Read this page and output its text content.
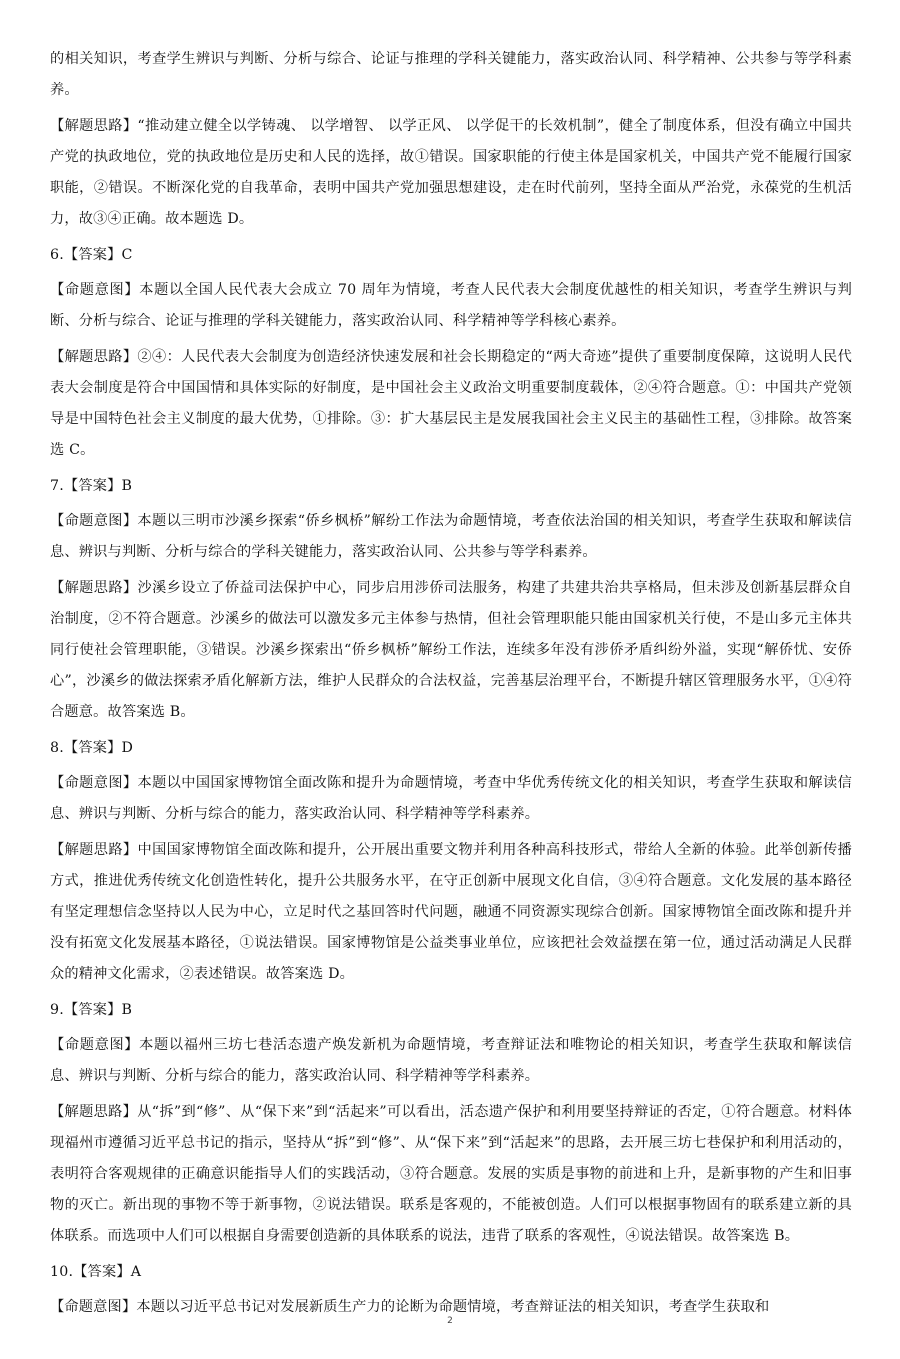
的相关知识，考查学生辨识与判断、分析与综合、论证与推理的学科关键能力，落实政治认同、科学精神、公共参与等学科素养。

【解题思路】“推动建立健全以学铸魂、 以学增智、 以学正风、 以学促干的长效机制”，健全了制度体系，但没有确立中国共产党的执政地位，党的执政地位是历史和人民的选择，故①错误。国家职能的行使主体是国家机关，中国共产党不能履行国家职能，②错误。不断深化党的自我革命，表明中国共产党加强思想建设，走在时代前列，坚持全面从严治党，永葆党的生机活力，故③④正确。故本题选 D。

6.【答案】C

【命题意图】本题以全国人民代表大会成立 70 周年为情境，考查人民代表大会制度优越性的相关知识，考查学生辨识与判断、分析与综合、论证与推理的学科关键能力，落实政治认同、科学精神等学科核心素养。

【解题思路】②④：人民代表大会制度为创造经济快速发展和社会长期稳定的“两大奇迹”提供了重要制度保障，这说明人民代表大会制度是符合中国国情和具体实际的好制度，是中国社会主义政治文明重要制度载体，②④符合题意。①：中国共产党领导是中国特色社会主义制度的最大优势，①排除。③：扩大基层民主是发展我国社会主义民主的基础性工程，③排除。故答案选 C。

7.【答案】B

【命题意图】本题以三明市沙溪乡探索“侨乡枫桥”解纷工作法为命题情境，考查依法治国的相关知识，考查学生获取和解读信息、辨识与判断、分析与综合的学科关键能力，落实政治认同、公共参与等学科素养。

【解题思路】沙溪乡设立了侨益司法保护中心，同步启用涉侨司法服务，构建了共建共治共享格局，但未涉及创新基层群众自治制度，②不符合题意。沙溪乡的做法可以激发多元主体参与热情，但社会管理职能只能由国家机关行使，不是山多元主体共同行使社会管理职能，③错误。沙溪乡探索出“侨乡枫桥”解纷工作法，连续多年没有涉侨矛盾纠纷外溢，实现“解侨忧、安侨心”，沙溪乡的做法探索矛盾化解新方法，维护人民群众的合法权益，完善基层治理平台，不断提升辖区管理服务水平，①④符合题意。故答案选 B。

8.【答案】D

【命题意图】本题以中国国家博物馆全面改陈和提升为命题情境，考查中华优秀传统文化的相关知识，考查学生获取和解读信息、辨识与判断、分析与综合的能力，落实政治认同、科学精神等学科素养。

【解题思路】中国国家博物馆全面改陈和提升，公开展出重要文物并利用各种高科技形式，带给人全新的体验。此举创新传播方式，推进优秀传统文化创造性转化，提升公共服务水平，在守正创新中展现文化自信，③④符合题意。文化发展的基本路径有坚定理想信念坚持以人民为中心，立足时代之基回答时代问题，融通不同资源实现综合创新。国家博物馆全面改陈和提升并没有拓宽文化发展基本路径，①说法错误。国家博物馆是公益类事业单位，应该把社会效益摆在第一位，通过活动满足人民群众的精神文化需求，②表述错误。故答案选 D。

9.【答案】B

【命题意图】本题以福州三坊七巷活态遗产焕发新机为命题情境，考查辩证法和唯物论的相关知识，考查学生获取和解读信息、辨识与判断、分析与综合的能力，落实政治认同、科学精神等学科素养。

【解题思路】从“拆”到“修”、从“保下来”到“活起来”可以看出，活态遗产保护和利用要坚持辩证的否定，①符合题意。材料体现福州市遵循习近平总书记的指示，坚持从“拆”到“修”、从“保下来”到“活起来”的思路，去开展三坊七巷保护和利用活动的，表明符合客观规律的正确意识能指导人们的实践活动，③符合题意。发展的实质是事物的前进和上升，是新事物的产生和旧事物的灭亡。新出现的事物不等于新事物，②说法错误。联系是客观的，不能被创造。人们可以根据事物固有的联系建立新的具体联系。而选项中人们可以根据自身需要创造新的具体联系的说法，违背了联系的客观性，④说法错误。故答案选 B。

10.【答案】A

【命题意图】本题以习近平总书记对发展新质生产力的论断为命题情境，考查辩证法的相关知识，考查学生获取和

2
